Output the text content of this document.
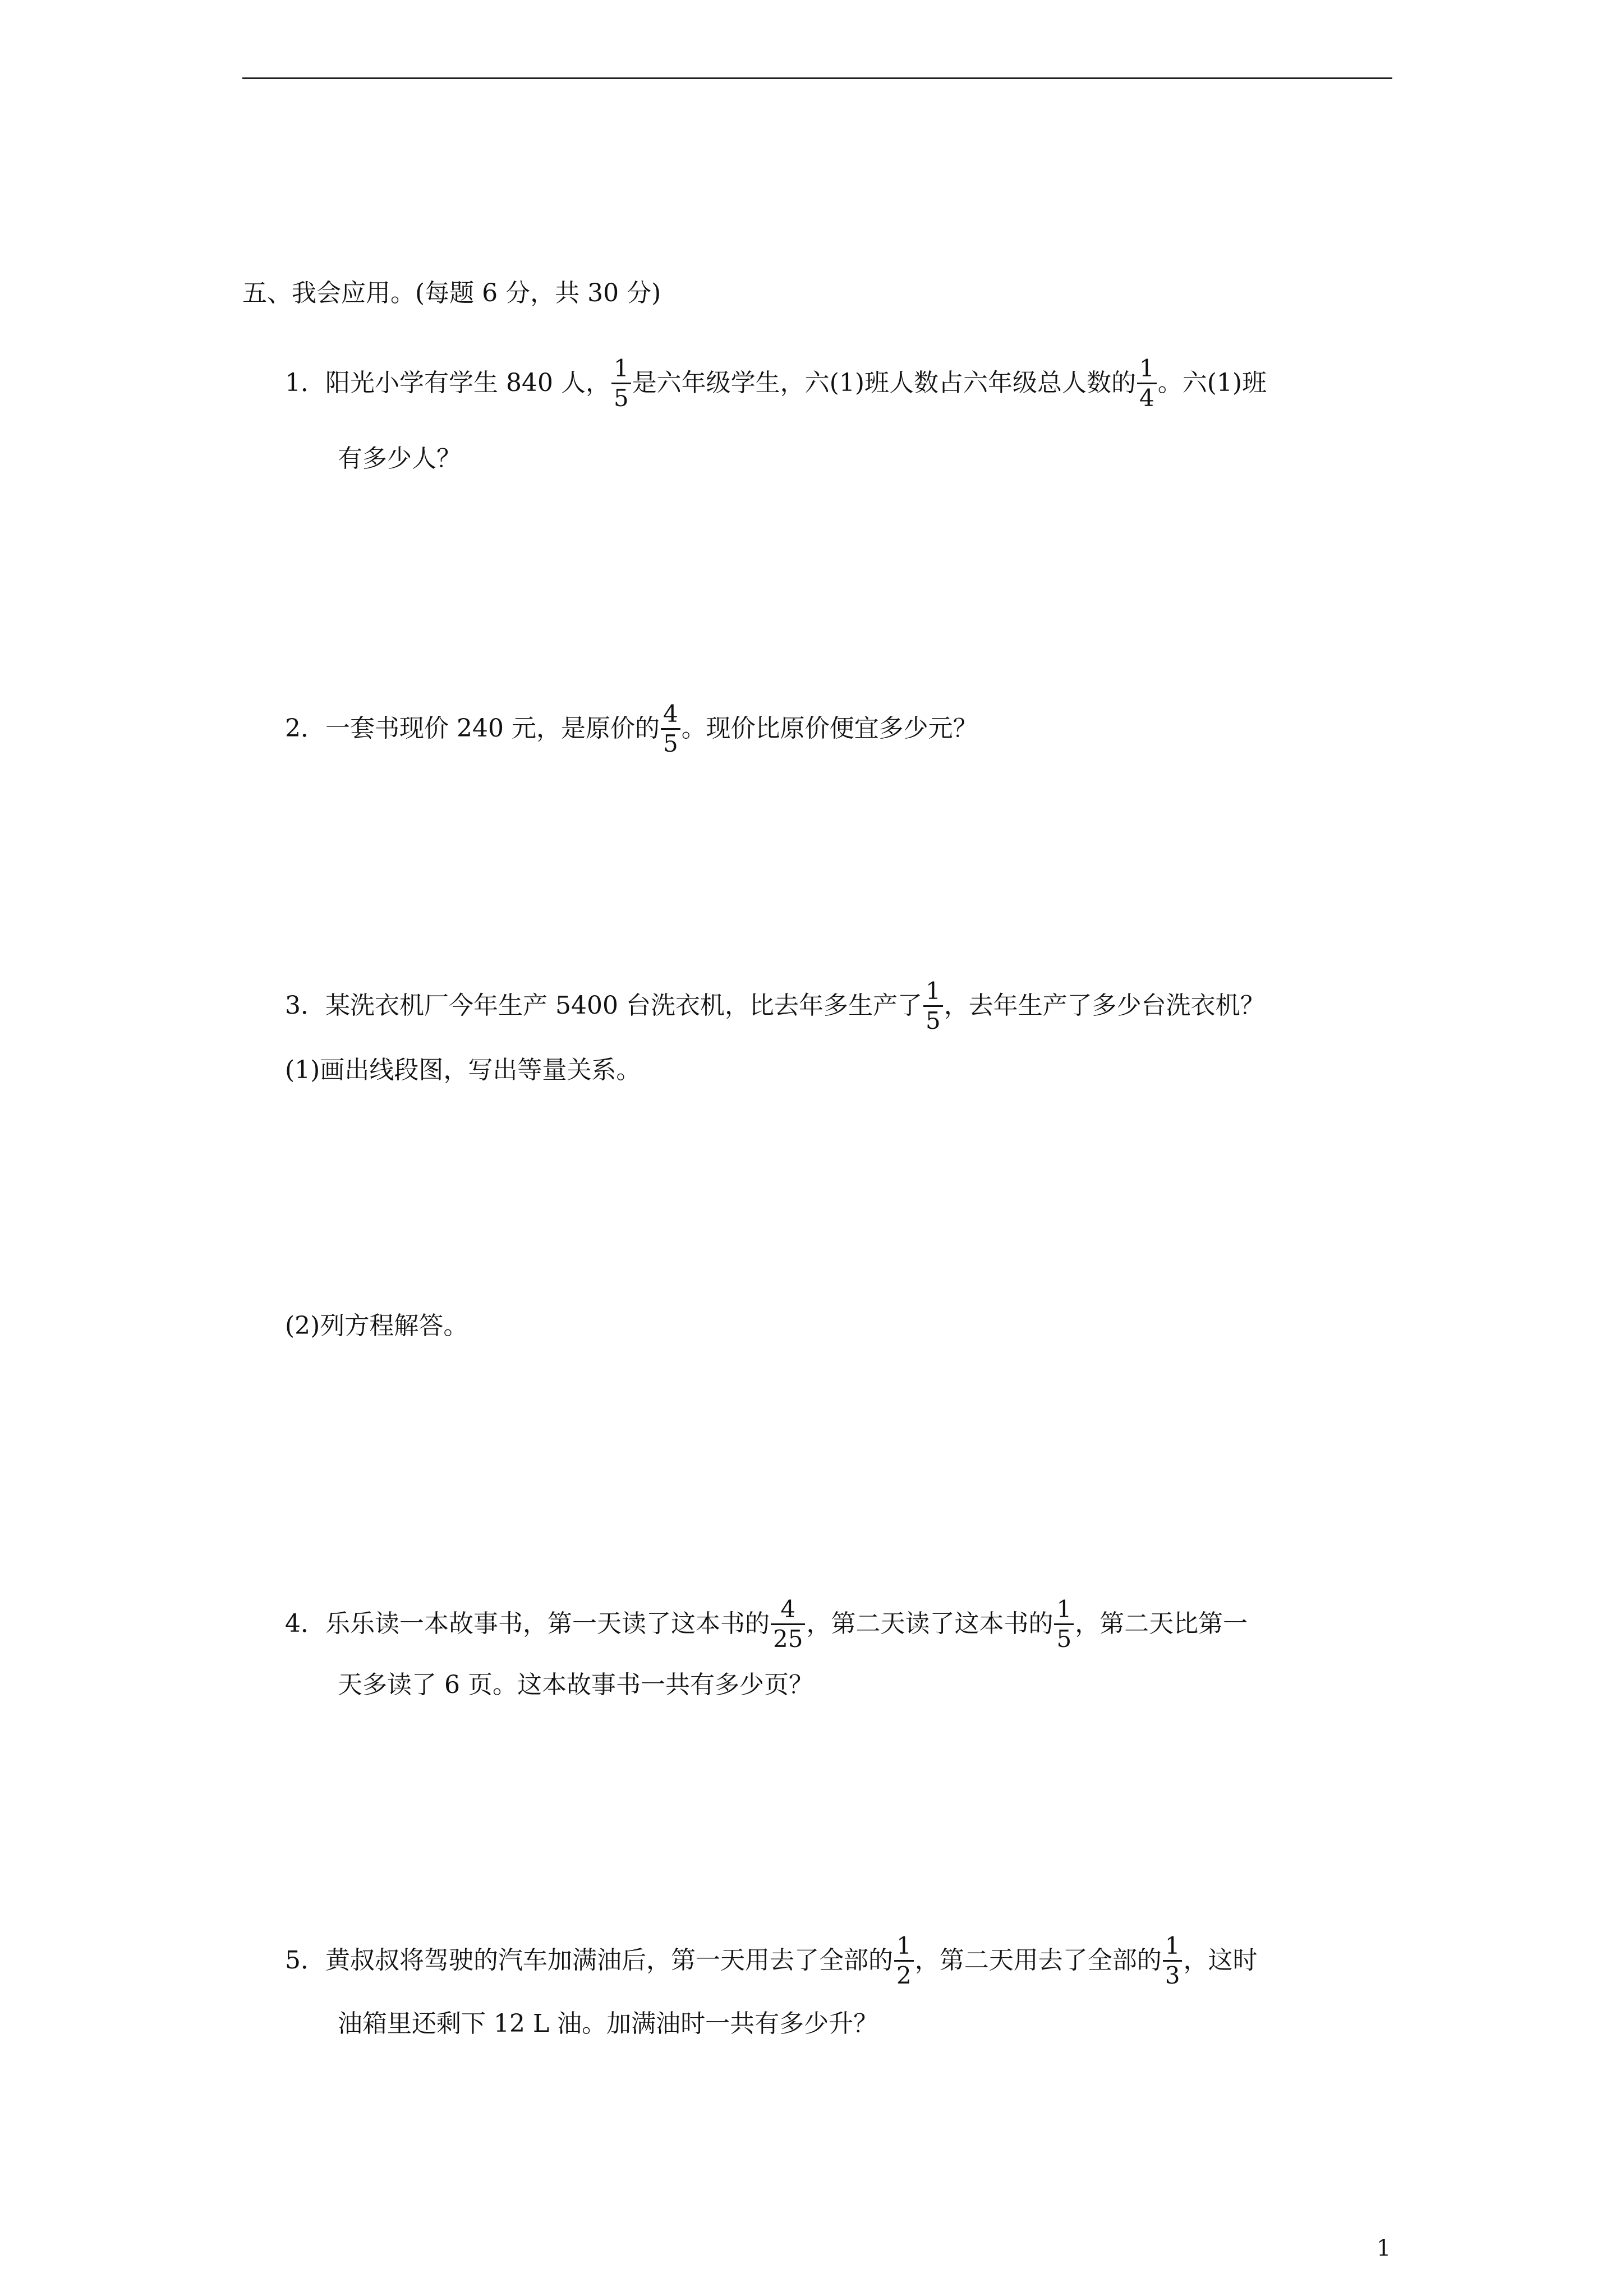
五、我会应用。(每题 6 分，共 30 分)
1．阳光小学有学生 840 人， $\frac{1}{5}$ 是六年级学生，六(1)班人数占六年级总人数的 $\frac{1}{4}$ 。六(1)班
有多少人？
2．一套书现价 240 元，是原价的 $\frac{4}{5}$ 。现价比原价便宜多少元？
3．某洗衣机厂今年生产 5400 台洗衣机，比去年多生产了 $\frac{1}{5}$ ，去年生产了多少台洗衣机？
(1)画出线段图，写出等量关系。
(2)列方程解答。
4．乐乐读一本故事书，第一天读了这本书的 $\frac{4}{25}$ ，第二天读了这本书的 $\frac{1}{5}$ ，第二天比第一
天多读了 6 页。这本故事书一共有多少页？
5．黄叔叔将驾驶的汽车加满油后，第一天用去了全部的 $\frac{1}{2}$ ，第二天用去了全部的 $\frac{1}{3}$ ，这时
油箱里还剩下 12 L 油。加满油时一共有多少升？
1
